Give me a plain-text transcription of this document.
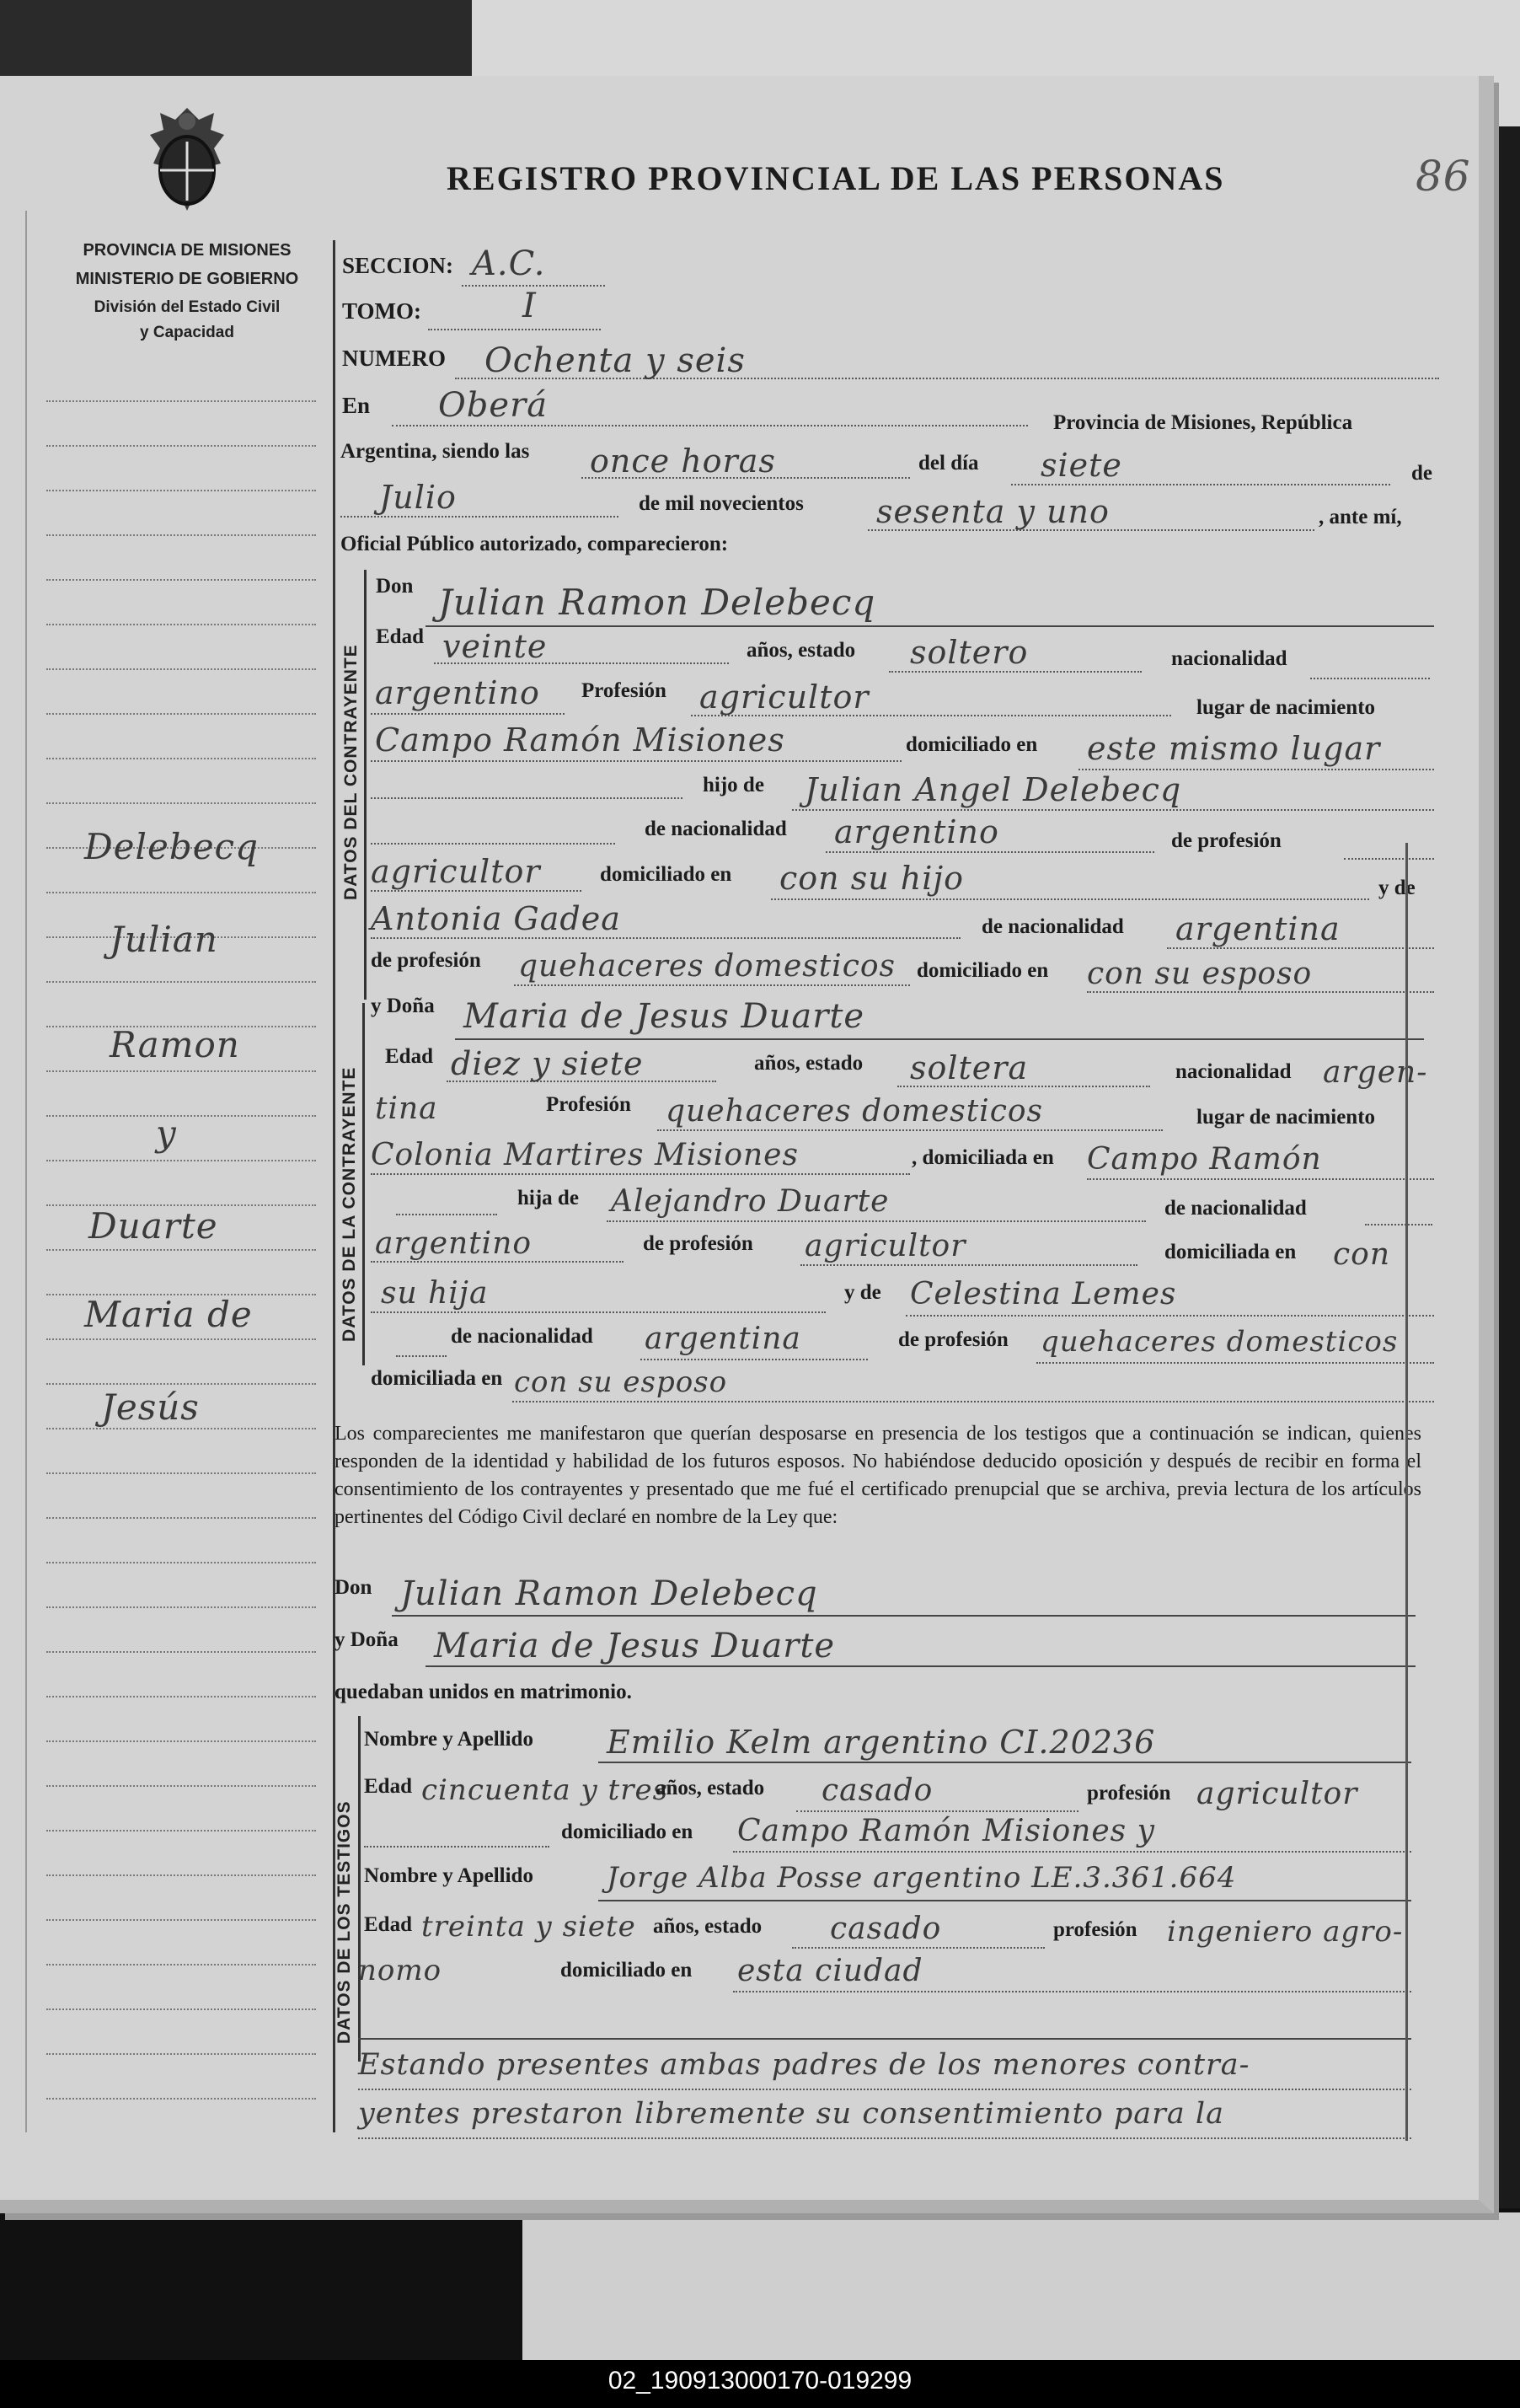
REGISTRO PROVINCIAL DE LAS PERSONAS	86
PROVINCIA DE MISIONES
MINISTERIO DE GOBIERNO
División del Estado Civil
y Capacidad
Delebecq
Julian
Ramon
y
Duarte
Maria de
Jesús
SECCION: A.C.
TOMO:	I
NUMERO Ochenta y seis
En Oberá	Provincia de Misiones, República
Argentina, siendo las once horas	del día siete	de
Julio	de mil novecientos sesenta y uno	, ante mí,
Oficial Público autorizado, comparecieron:
DATOS DEL CONTRAYENTE
Don Julian Ramon Delebecq
Edad veinte	años, estado soltero	nacionalidad
argentino Profesión agricultor	lugar de nacimiento
Campo Ramón Misiones	domiciliado en este mismo lugar
hijo de Julian Angel Delebecq
de nacionalidad argentino	de profesión
agricultor	domiciliado en con su hijo	y de
Antonia Gadea	de nacionalidad argentina
de profesión quehaceres domesticos domiciliado en con su esposo
DATOS DE LA CONTRAYENTE
y Doña Maria de Jesus Duarte
Edad diez y siete	años, estado soltera	nacionalidad argen-
tina	Profesión quehaceres domesticos	lugar de nacimiento
Colonia Martires Misiones	, domiciliada en Campo Ramón
hija de Alejandro Duarte	de nacionalidad
argentino	de profesión agricultor	domiciliada en con
su hija	y de Celestina Lemes
de nacionalidad argentina	de profesión quehaceres domesticos
domiciliada en con su esposo
Los comparecientes me manifestaron que querían desposarse en presencia de los testigos que a continuación se indican, quienes responden de la identidad y habilidad de los futuros esposos. No habiéndose deducido oposición y después de recibir en forma el consentimiento de los contrayentes y presentado que me fué el certificado prenupcial que se archiva, previa lectura de los artículos pertinentes del Código Civil declaré en nombre de la Ley que:
Don Julian Ramon Delebecq
y Doña Maria de Jesus Duarte
quedaban unidos en matrimonio.
DATOS DE LOS TESTIGOS
Nombre y Apellido Emilio Kelm argentino CI.20236
Edad cincuenta y tres
años, estado casado	profesión agricultor
domiciliado en Campo Ramón Misiones y
Nombre y Apellido	Jorge Alba Posse argentino LE.3.361.664
Edad treinta y siete años, estado casado	profesión ingeniero agro-
nomo	domiciliado en esta ciudad
Estando presentes ambas padres de los menores contra-
yentes prestaron libremente su consentimiento para la
02_190913000170-019299
